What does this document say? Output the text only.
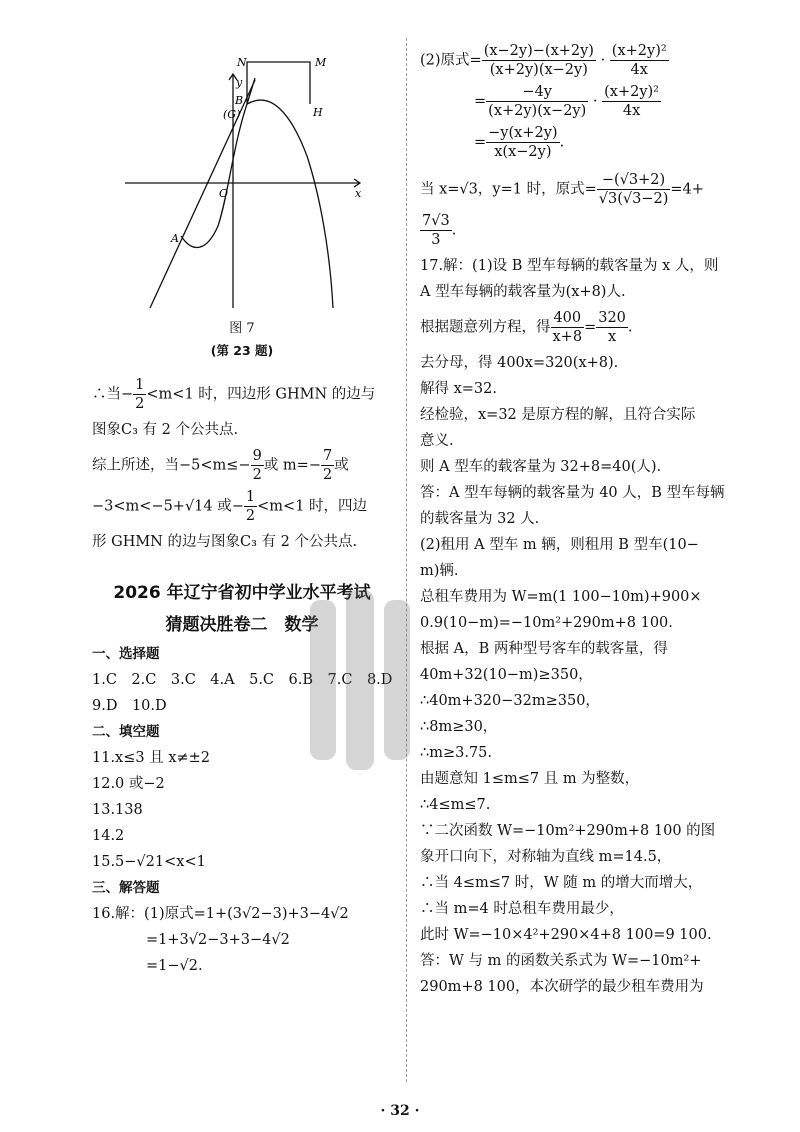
N	M
H
y
B
(G)
O	x
A
图 7
(第 23 题)
∴当− $\frac{1}{2} <m<1$ 时，四边形 GHMN 的边与
图象C₃ 有 2 个公共点.
综上所述，当$-5<m\le- \frac{9}{2}$ 或 $m=- \frac{7}{2}$ 或
−3<m<−5+√14 或− $\frac{1}{2} <m<1$ 时，四边
形 GHMN 的边与图象C₃ 有 2 个公共点.
2026 年辽宁省初中学业水平考试
猜题决胜卷二　数学
一、选择题
1.C　2.C　3.C　4.A　5.C　6.B　7.C　8.D
9.D　10.D
二、填空题
11.x≤3 且 x≠±2
12.0 或−2
13.138
14.2
15.5−√21<x<1
三、解答题
16.解：(1)原式=1+(3√2−3)+3−4√2
=1+3√2−3+3−4√2
=1−√2.
(2)原式= $\frac{(x-2y)-(x+2y)}{(x+2y)(x-2y)} \cdot \frac{\text{(x+2y)²}}{4x}$
= $\frac{-4y}{(x+2y)(x-2y)} \cdot \frac{\text{(x+2y)²}}{4x}$
= $\frac{-y(x+2y)}{x(x-2y)}$ .
当 x=√3，y=1 时，原式= $\frac{-(√3+2)}{√3(√3-2)} =4+$
$\frac{7√3}{3}$ .
17.解：(1)设 B 型车每辆的载客量为 x 人，则
A 型车每辆的载客量为(x+8)人.
根据题意列方程，得 $\frac{400}{x+8} = \frac{320}{x}$ .
去分母，得 400x=320(x+8).
解得 x=32.
经检验，x=32 是原方程的解，且符合实际
意义.
则 A 型车的载客量为 32+8=40(人).
答：A 型车每辆的载客量为 40 人，B 型车每辆
的载客量为 32 人.
(2)租用 A 型车 m 辆，则租用 B 型车(10−
m)辆.
总租车费用为 W=m(1 100−10m)+900×
0.9(10−m)=−10m²+290m+8 100.
根据 A，B 两种型号客车的载客量，得
40m+32(10−m)≥350，
∴40m+320−32m≥350，
∴8m≥30，
∴m≥3.75.
由题意知 1≤m≤7 且 m 为整数，
∴4≤m≤7.
∵二次函数 W=−10m²+290m+8 100 的图
象开口向下，对称轴为直线 m=14.5，
∴当 4≤m≤7 时，W 随 m 的增大而增大，
∴当 m=4 时总租车费用最少，
此时 W=−10×4²+290×4+8 100=9 100.
答：W 与 m 的函数关系式为 W=−10m²+
290m+8 100，本次研学的最少租车费用为
· 32 ·
